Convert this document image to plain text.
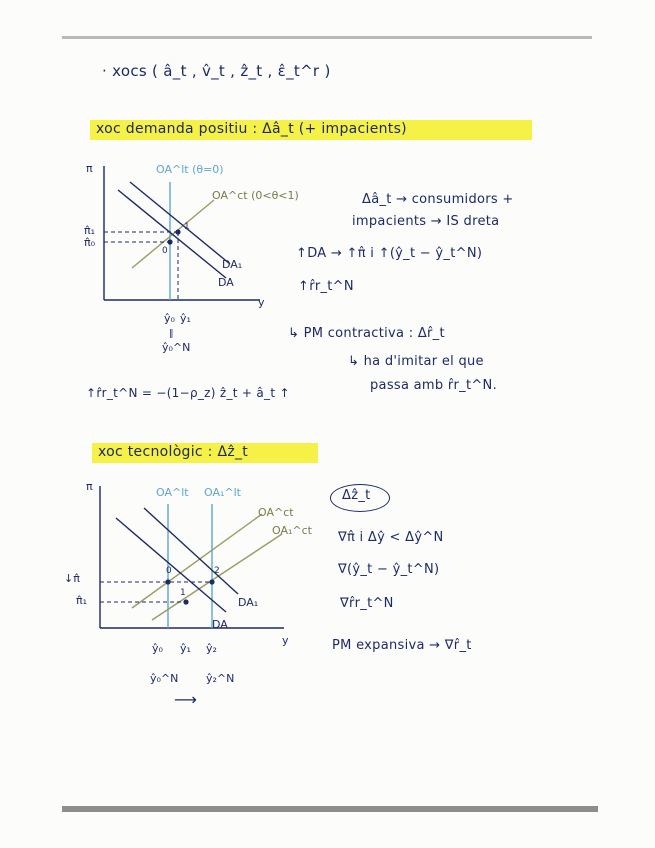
· xocs ( â_t , v̂_t , ẑ_t , ε̂_t^r )
xoc demanda positiu : Δâ_t (+ impacients)
π
y
OA^lt (θ=0)
OA^ct (0<θ<1)
π̂₁
π̂₀
0
1
DA₁
DA
ŷ₀ ŷ₁
‖
ŷ₀^N
Δâ_t → consumidors +
impacients → IS dreta
↑DA → ↑π̂ i ↑(ŷ_t − ŷ_t^N)
↑r̂r_t^N
↳ PM contractiva : Δr̂_t
↳ ha d'imitar el que
passa amb r̂r_t^N.
↑r̂r_t^N = −(1−ρ_z) ẑ_t + â_t ↑
xoc tecnològic : Δẑ_t
π
y
OA^lt OA₁^lt
OA^ct
OA₁^ct
↓π̂
π̂₁
0
1
2
DA₁
DA
ŷ₀ ŷ₁ ŷ₂
ŷ₀^N	ŷ₂^N
⟶
Δẑ_t
∇π̂ i Δŷ < Δŷ^N
∇(ŷ_t − ŷ_t^N)
∇r̂r_t^N
PM expansiva → ∇r̂_t
